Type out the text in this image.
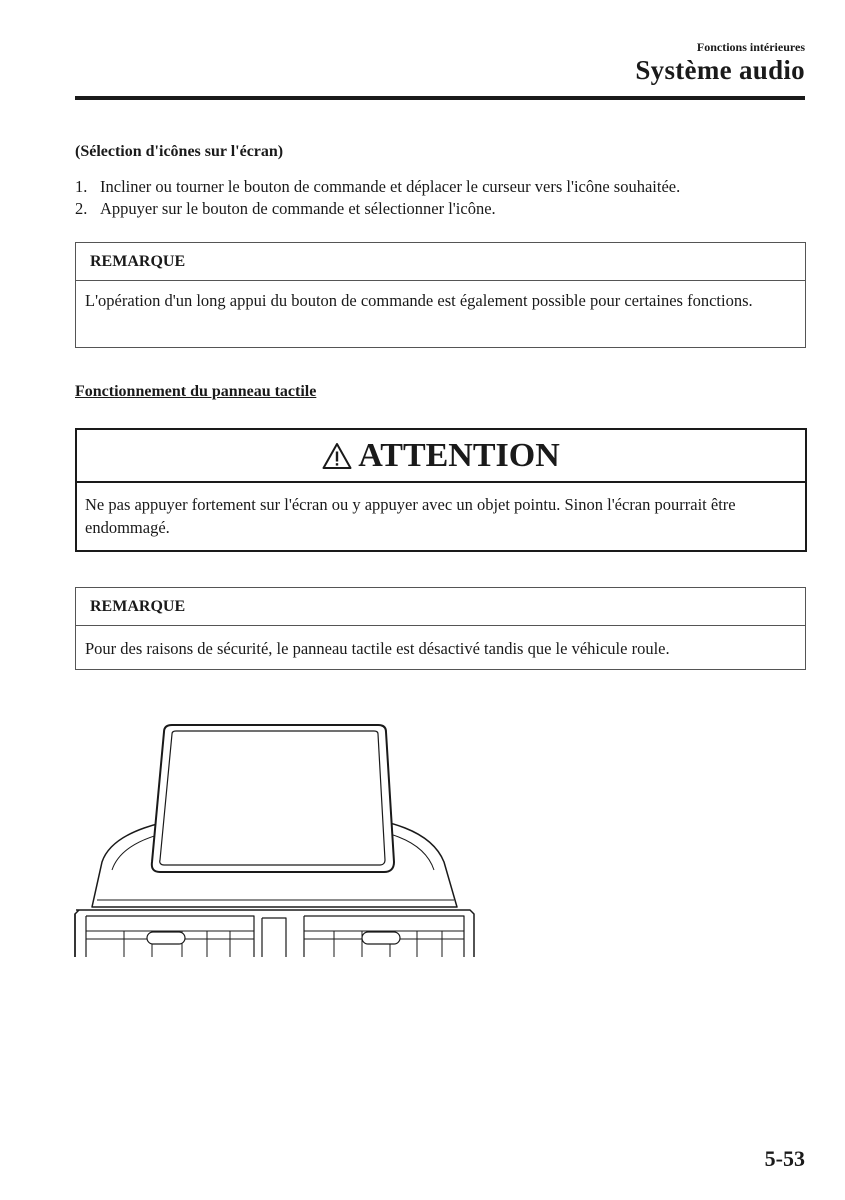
Fonctions intérieures
Système audio
(Sélection d'icônes sur l'écran)
1. Incliner ou tourner le bouton de commande et déplacer le curseur vers l'icône souhaitée.
2. Appuyer sur le bouton de commande et sélectionner l'icône.
REMARQUE
L'opération d'un long appui du bouton de commande est également possible pour certaines fonctions.
Fonctionnement du panneau tactile
ATTENTION
Ne pas appuyer fortement sur l'écran ou y appuyer avec un objet pointu. Sinon l'écran pourrait être endommagé.
REMARQUE
Pour des raisons de sécurité, le panneau tactile est désactivé tandis que le véhicule roule.
5-53
